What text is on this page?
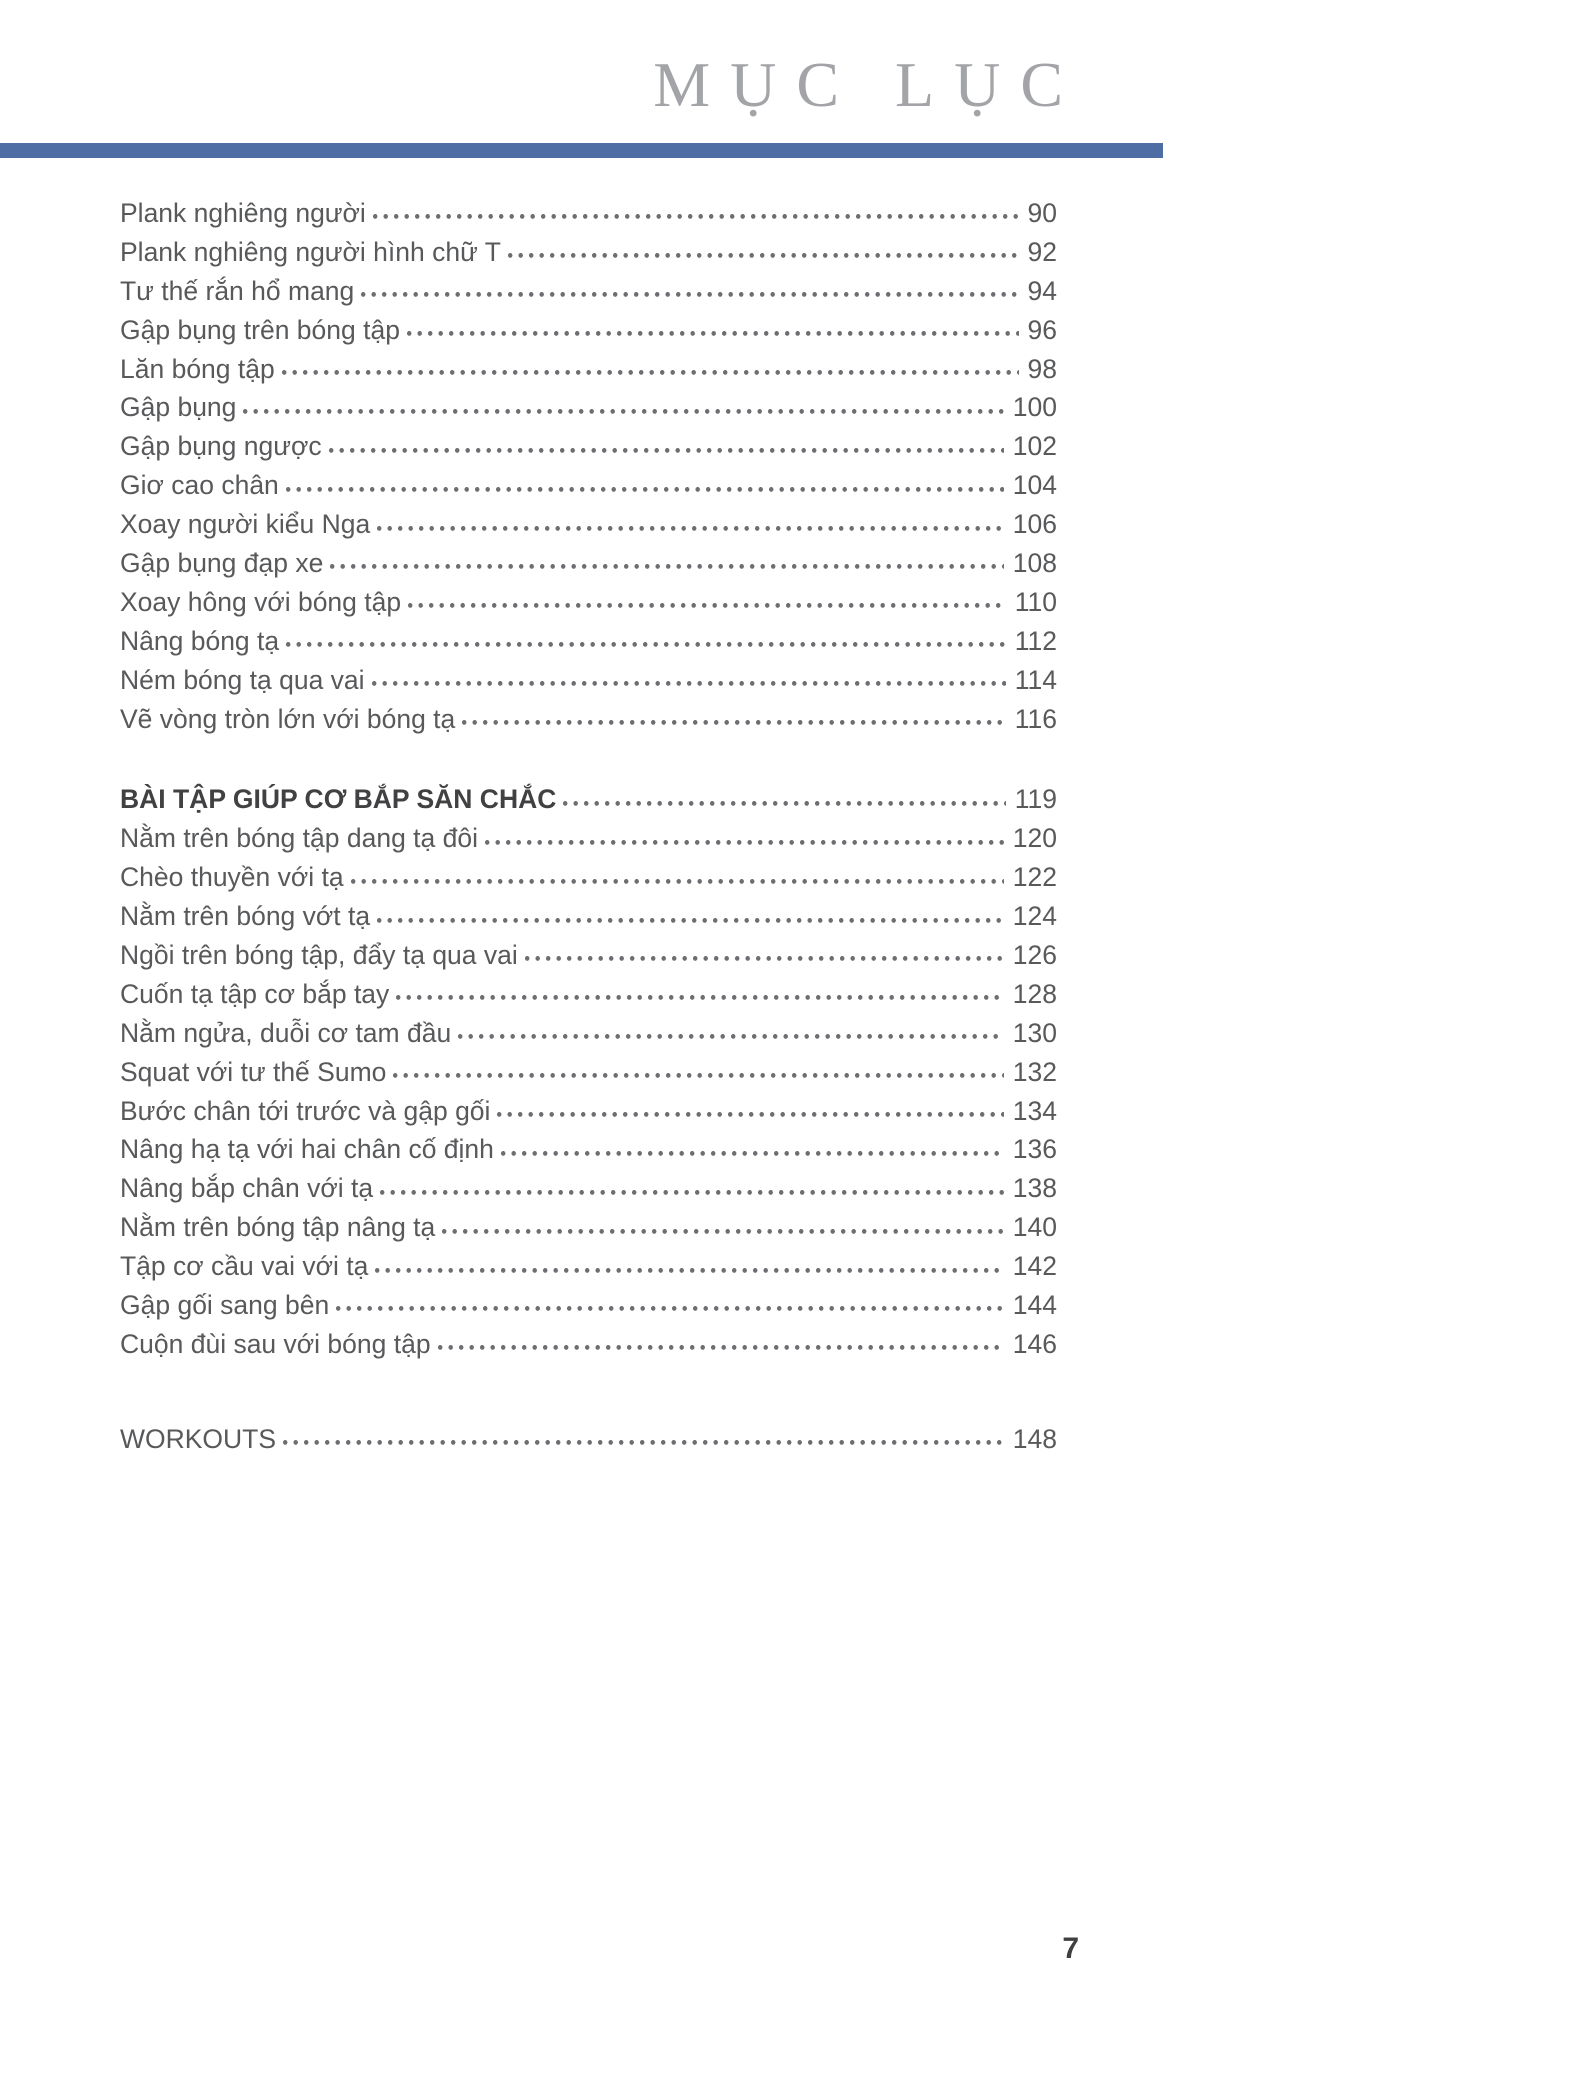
MỤC LỤC
Plank nghiêng người	90
Plank nghiêng người hình chữ T	92
Tư thế rắn hổ mang	94
Gập bụng trên bóng tập	96
Lăn bóng tập	98
Gập bụng	100
Gập bụng ngược	102
Giơ cao chân	104
Xoay người kiểu Nga	106
Gập bụng đạp xe	108
Xoay hông với bóng tập	110
Nâng bóng tạ	112
Ném bóng tạ qua vai	114
Vẽ vòng tròn lớn với bóng tạ	116
BÀI TẬP GIÚP CƠ BẮP SĂN CHẮC	119
Nằm trên bóng tập dang tạ đôi	120
Chèo thuyền với tạ	122
Nằm trên bóng vớt tạ	124
Ngồi trên bóng tập, đẩy tạ qua vai	126
Cuốn tạ tập cơ bắp tay	128
Nằm ngửa, duỗi cơ tam đầu	130
Squat với tư thế Sumo	132
Bước chân tới trước và gập gối	134
Nâng hạ tạ với hai chân cố định	136
Nâng bắp chân với tạ	138
Nằm trên bóng tập nâng tạ	140
Tập cơ cầu vai với tạ	142
Gập gối sang bên	144
Cuộn đùi sau với bóng tập	146
WORKOUTS	148
7
